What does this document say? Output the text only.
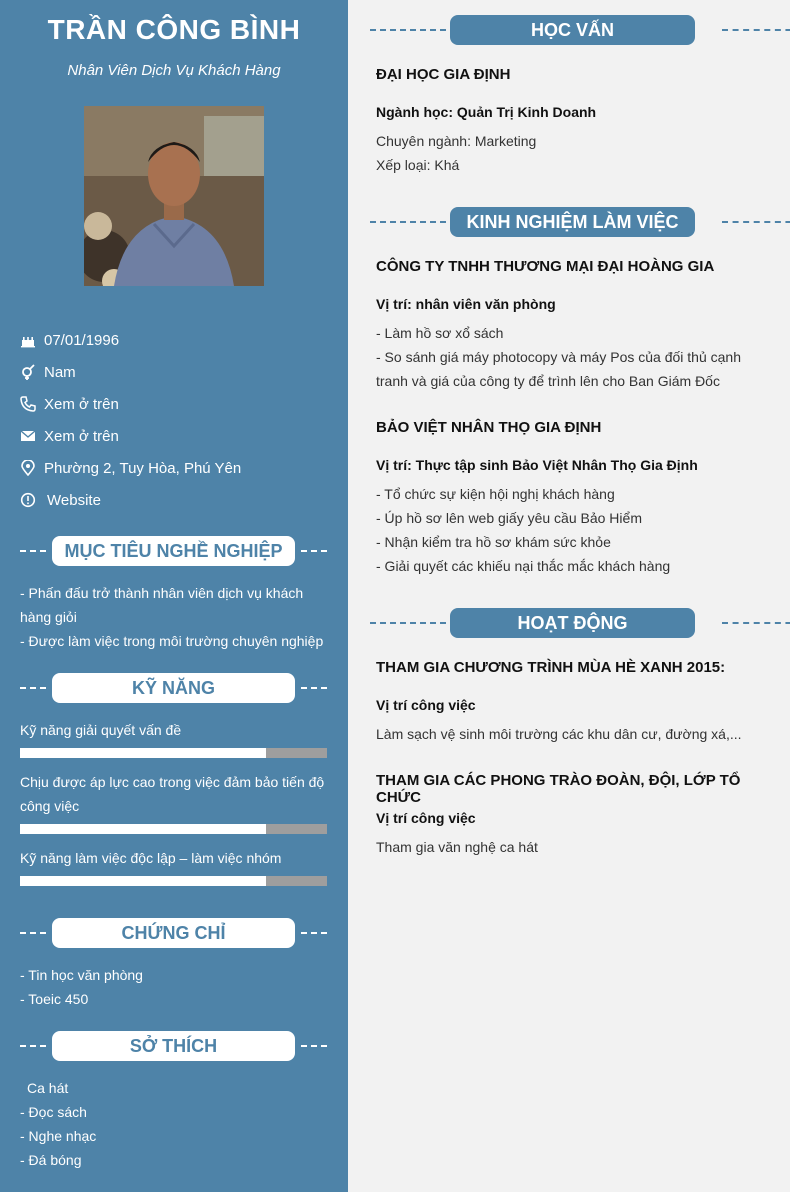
TRẦN CÔNG BÌNH
Nhân Viên Dịch Vụ Khách Hàng
07/01/1996
Nam
Xem ở trên
Xem ở trên
Phường 2, Tuy Hòa, Phú Yên
Website
MỤC TIÊU NGHỀ NGHIỆP
- Phấn đấu trở thành nhân viên dịch vụ khách hàng giỏi
- Được làm việc trong môi trường chuyên nghiệp
KỸ NĂNG
Kỹ năng giải quyết vấn đề
Chịu được áp lực cao trong việc đảm bảo tiến độ công việc
Kỹ năng làm việc độc lập – làm việc nhóm
CHỨNG CHỈ
- Tin học văn phòng
- Toeic 450
SỞ THÍCH
Ca hát
- Đọc sách
- Nghe nhạc
- Đá bóng
HỌC VẤN
ĐẠI HỌC GIA ĐỊNH
Ngành học: Quản Trị Kinh Doanh
Chuyên ngành: Marketing
Xếp loại: Khá
KINH NGHIỆM LÀM VIỆC
CÔNG TY TNHH THƯƠNG MẠI ĐẠI HOÀNG GIA
Vị trí: nhân viên văn phòng
- Làm hồ sơ xổ sách
- So sánh giá máy photocopy và máy Pos của đối thủ cạnh tranh và giá của công ty để trình lên cho Ban Giám Đốc
BẢO VIỆT NHÂN THỌ GIA ĐỊNH
Vị trí: Thực tập sinh Bảo Việt Nhân Thọ Gia Định
- Tổ chức sự kiện hội nghị khách hàng
- Úp hồ sơ lên web giấy yêu cầu Bảo Hiểm
- Nhận kiểm tra hồ sơ khám sức khỏe
- Giải quyết các khiếu nại thắc mắc khách hàng
HOẠT ĐỘNG
THAM GIA CHƯƠNG TRÌNH MÙA HÈ XANH 2015:
Vị trí công việc
Làm sạch vệ sinh môi trường các khu dân cư, đường xá,...
THAM GIA CÁC PHONG TRÀO ĐOÀN, ĐỘI, LỚP TỔ CHỨC
Vị trí công việc
Tham gia văn nghệ ca hát
